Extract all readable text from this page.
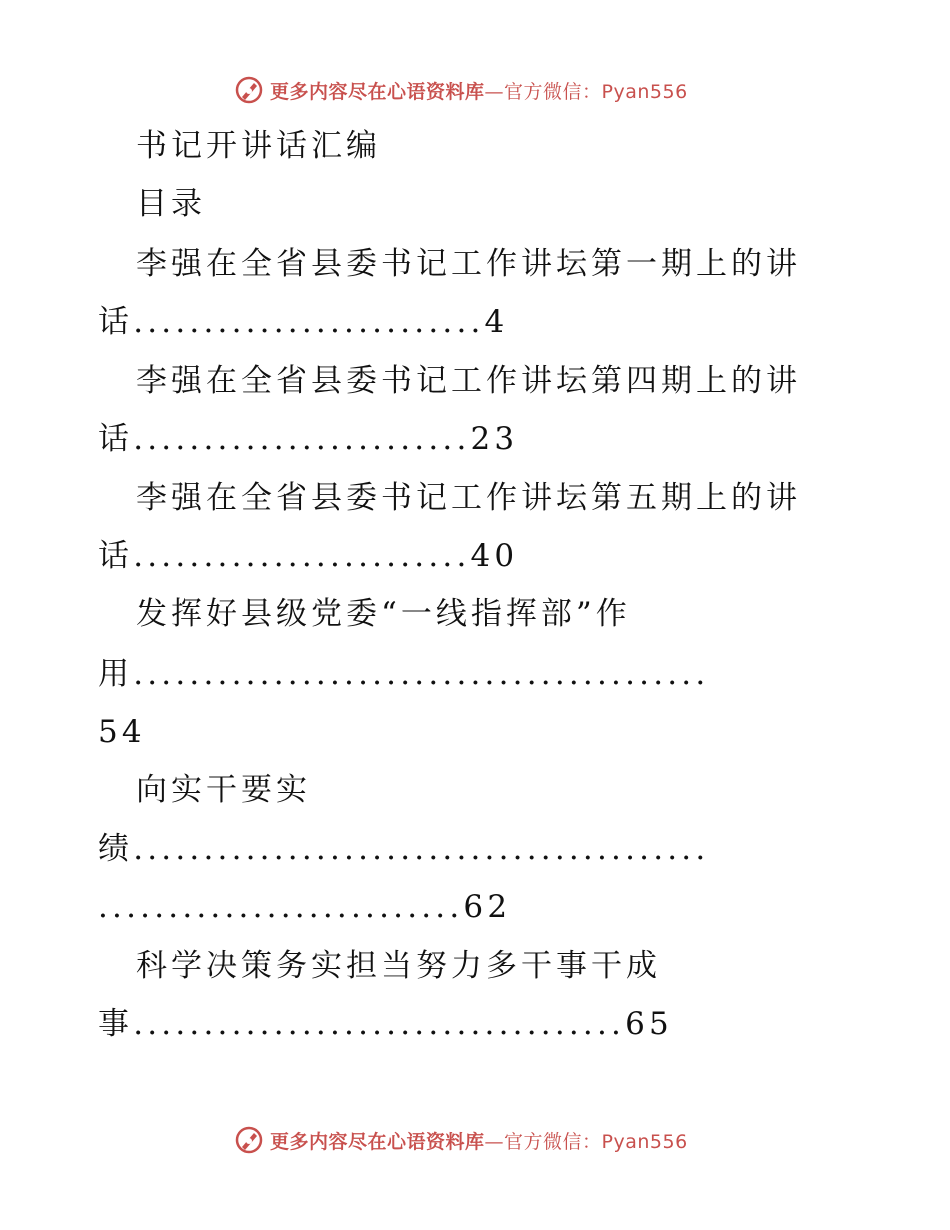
更多内容尽在心语资料库—官方微信：Pyan556
书记开讲话汇编
目录
李强在全省县委书记工作讲坛第一期上的讲
话.........................4
李强在全省县委书记工作讲坛第四期上的讲
话........................23
李强在全省县委书记工作讲坛第五期上的讲
话........................40
发挥好县级党委“一线指挥部”作
用.........................................
54
向实干要实
绩.........................................
..........................62
科学决策务实担当努力多干事干成
事...................................65
更多内容尽在心语资料库—官方微信：Pyan556
